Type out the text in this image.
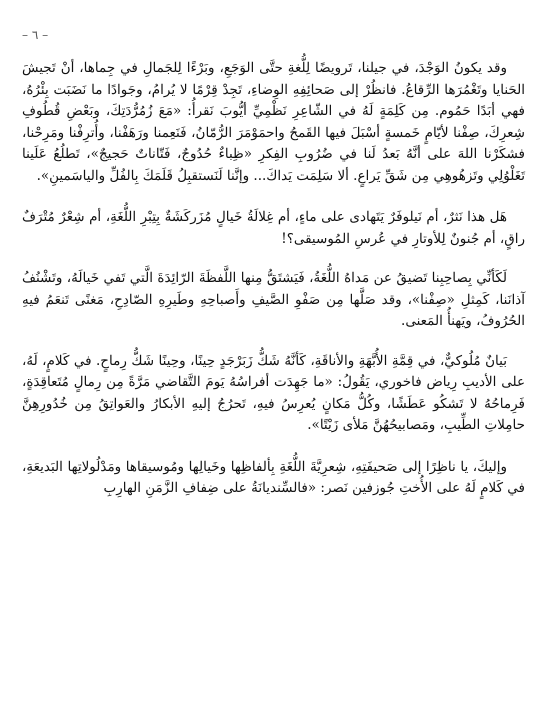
– ٦ –

وقد يكونُ الوَجْدَ، في جيلنا، تَرويضًا لِلُّغةِ حتَّى الوَجَعِ، وبَرْءًا لِلجَمالِ في جِماها، أنْ تَجيشَ الحَنايا وتَغْمُرَها الرِّقاعُ. فانظُرْ إلى صَحائِفِهِ الوِضاءِ، تَجِدْ قِرْمًا لا يُرامُ، وجَوادًا ما نَضَبَت بِئْرُهُ، فهي أبَدًا حَمُوم. مِن كَلِمَةٍ لَهُ في الشّاعِرِ نَظْمِيِّ أيُّوبَ نَقرأُ: «مَعَ زُمُرُّدَتِكَ، وبَعْضِ قُطُوفِ شِعرِكَ، صِفْنا لأيّامٍ خَمسةٍ أسْبَلَ فيها القَمحُ واحمَوْمَرَ الرُّمّانُ، فَنَعِمنا ورَهَفْنا، وأُترِفْنا ومَرِحْنا، فشكَرْنا اللهَ على أنَّهُ بَعدُ لَنا في ضُرُوبِ الفِكرِ «ظِباءٌ حُدُوجٌ، فَتّاناتٌ حَجيجٌ»، تَطلُعُ عَلَينا تَغَلْوُلِي وتَزهُوهِي مِن شَقِّ يَراعٍ. ألا سَلِمَت يَداكَ... وإنَّنا لَنَستقبِلُ قَلَمَكَ بِالفُلِّ والياسَمينِ».

هَل هذا نَثرٌ، أم نَيلوفَرٌ يَتَهادى على ماءٍ، أم غِلالَةُ خَيالٍ مُزَركَشَةٌ بِتِبْرِ اللُّغَةِ، أم شِعْرٌ مُتْرَفٌ راقٍ، أم جُنونٌ لِلأوتارِ في عُرسِ المُوسيقى؟!

لَكَأنِّي بِصاحِبِنا تَضيقُ عن مَداهُ اللُّغَةُ، فَيَشتَقُّ مِنها اللَّفظَةَ الرّائِدَةَ الَّتي تَفي خَيالَهُ، وتَشْنُفُ آذانَنا، كَمِثلِ «صِفْنا»، وقد صَلَّها مِن صَفْوِ الصَّيفِ وأَصباحِهِ وطَيرِهِ الصّادِحِ، مَغنًى تَنعَمُ فيهِ الحُرُوفُ، ويَهنأُ المَعنى.

بَيانٌ مُلُوكيٌّ، في قِمَّةِ الأُبَّهَةِ والأناقَةِ، كَأنَّهُ شَكُّ زَبَرْجَدٍ حِينًا، وحِينًا شَكُّ رِماحٍ. في كَلامٍ، لَهُ، على الأديبِ رِياض فاخوري، يَقُولُ: «ما جَهِدَت أفراسُهُ يَومَ التَّقاضي مَرَّةً مِن رِمالٍ مُتَعاقِدَةٍ، فَرِماحُهُ لا تَشكُو عَطَشًا، وكُلُّ مَكانٍ يُعرِسُ فيهِ، تَحرُجُ إليهِ الأبكارُ والعَواتِقُ مِن خُدُورِهِنَّ حامِلاتِ الطِّيبِ، ومَصابيحُهُنَّ مَلأى زَيْتًا».

وإليكَ، يا ناظِرًا إلى صَحيفَتِهِ، شِعرِيَّةَ اللُّغَةِ بِألفاظِها وخَيالِها ومُوسيقاها ومَدْلُولاتِها البَديعَةِ، في كَلامٍ لَهُ على الأُختِ جُوزفين نَصر: «فالسِّنديانَةُ على ضِفافِ الزَّمَنِ الهارِبِ
